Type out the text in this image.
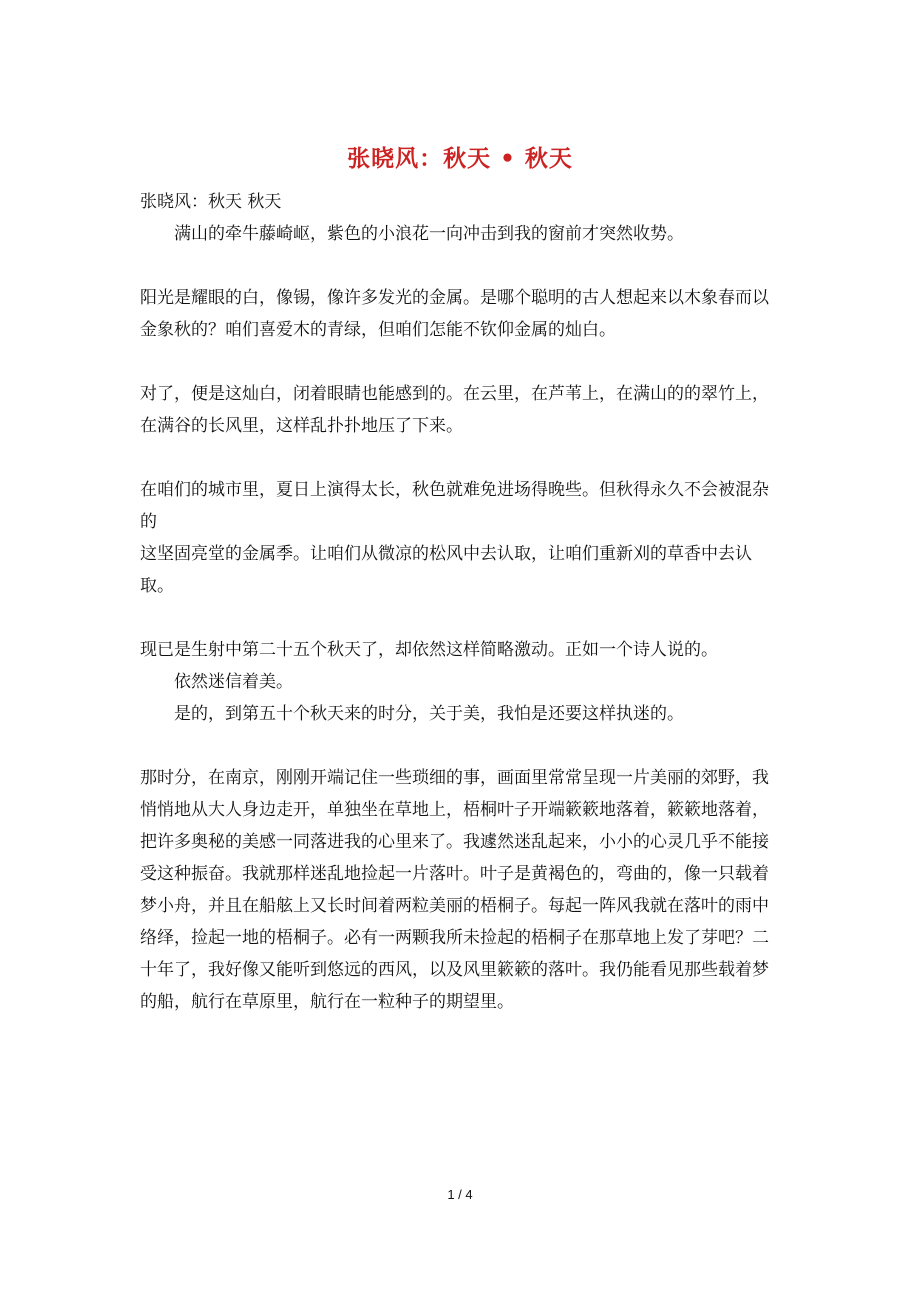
张晓风：秋天 • 秋天

张晓风：秋天 秋天

满山的牵牛藤崎岖，紫色的小浪花一向冲击到我的窗前才突然收势。

阳光是耀眼的白，像锡，像许多发光的金属。是哪个聪明的古人想起来以木象春而以金象秋的？咱们喜爱木的青绿，但咱们怎能不钦仰金属的灿白。

对了，便是这灿白，闭着眼睛也能感到的。在云里，在芦苇上，在满山的的翠竹上，在满谷的长风里，这样乱扑扑地压了下来。

在咱们的城市里，夏日上演得太长，秋色就难免进场得晚些。但秋得永久不会被混杂的

这坚固亮堂的金属季。让咱们从微凉的松风中去认取，让咱们重新刈的草香中去认取。

现已是生射中第二十五个秋天了，却依然这样简略激动。正如一个诗人说的。

依然迷信着美。

是的，到第五十个秋天来的时分，关于美，我怕是还要这样执迷的。

那时分，在南京，刚刚开端记住一些琐细的事，画面里常常呈现一片美丽的郊野，我悄悄地从大人身边走开，单独坐在草地上，梧桐叶子开端簌簌地落着，簌簌地落着，把许多奥秘的美感一同落进我的心里来了。我遽然迷乱起来，小小的心灵几乎不能接受这种振奋。我就那样迷乱地捡起一片落叶。叶子是黄褐色的，弯曲的，像一只载着梦小舟，并且在船舷上又长时间着两粒美丽的梧桐子。每起一阵风我就在落叶的雨中络绎，捡起一地的梧桐子。必有一两颗我所未捡起的梧桐子在那草地上发了芽吧？二十年了，我好像又能听到悠远的西风，以及风里簌簌的落叶。我仍能看见那些载着梦的船，航行在草原里，航行在一粒种子的期望里。

1 / 4
